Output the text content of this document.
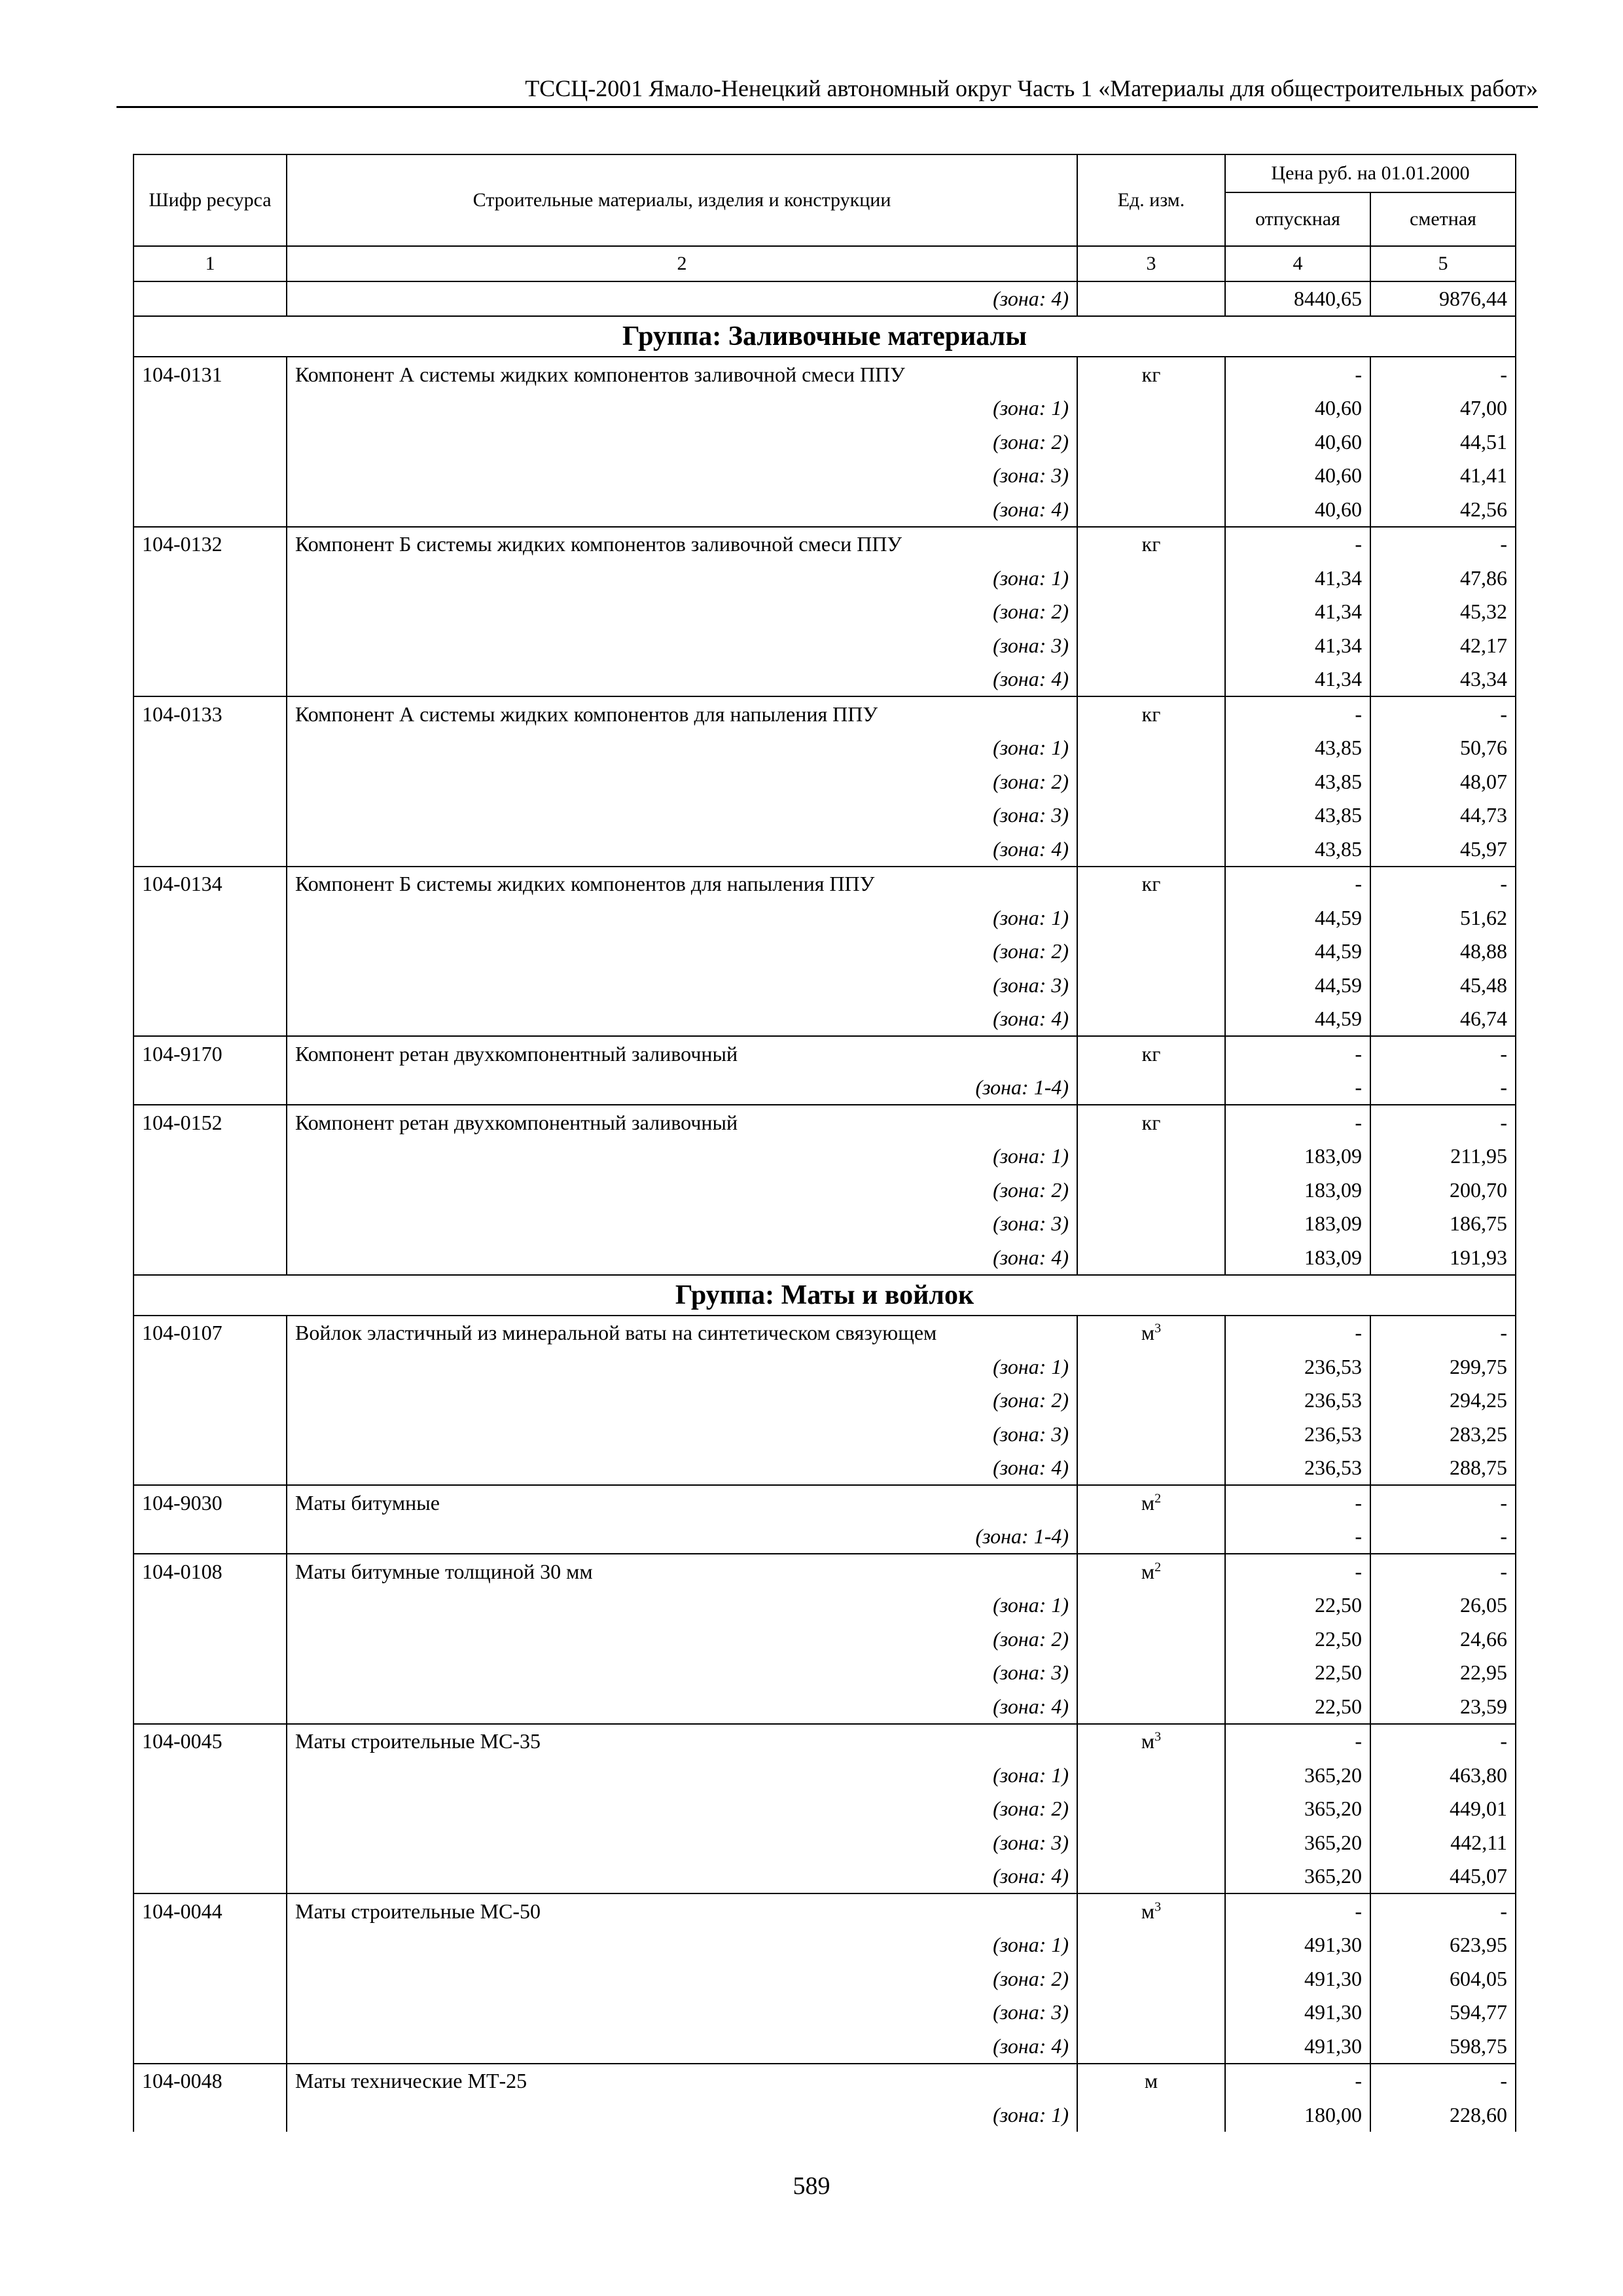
ТССЦ-2001 Ямало-Ненецкий автономный округ Часть 1 «Материалы для общестроительных работ»
Шифр ресурса	Строительные материалы, изделия и конструкции	Ед. изм.	Цена руб. на 01.01.2000	
			отпускная	сметная
1	2	3	4	5
	(зона: 4)		8440,65	9876,44
Группа: Заливочные материалы				
104-0131	Компонент А системы жидких компонентов заливочной смеси ППУ	кг	-	-
	(зона: 1)		40,60	47,00
	(зона: 2)		40,60	44,51
	(зона: 3)		40,60	41,41
	(зона: 4)		40,60	42,56
104-0132	Компонент Б системы жидких компонентов заливочной смеси ППУ	кг	-	-
	(зона: 1)		41,34	47,86
	(зона: 2)		41,34	45,32
	(зона: 3)		41,34	42,17
	(зона: 4)		41,34	43,34
104-0133	Компонент А системы жидких компонентов для напыления ППУ	кг	-	-
	(зона: 1)		43,85	50,76
	(зона: 2)		43,85	48,07
	(зона: 3)		43,85	44,73
	(зона: 4)		43,85	45,97
104-0134	Компонент Б системы жидких компонентов для напыления ППУ	кг	-	-
	(зона: 1)		44,59	51,62
	(зона: 2)		44,59	48,88
	(зона: 3)		44,59	45,48
	(зона: 4)		44,59	46,74
104-9170	Компонент ретан двухкомпонентный заливочный	кг	-	-
	(зона: 1-4)		-	-
104-0152	Компонент ретан двухкомпонентный заливочный	кг	-	-
	(зона: 1)		183,09	211,95
	(зона: 2)		183,09	200,70
	(зона: 3)		183,09	186,75
	(зона: 4)		183,09	191,93
Группа: Маты и войлок				
104-0107	Войлок эластичный из минеральной ваты на синтетическом связующем	$м^3$	-	-
	(зона: 1)		236,53	299,75
	(зона: 2)		236,53	294,25
	(зона: 3)		236,53	283,25
	(зона: 4)		236,53	288,75
104-9030	Маты битумные	$м^2$	-	-
	(зона: 1-4)		-	-
104-0108	Маты битумные толщиной 30 мм	$м^2$	-	-
	(зона: 1)		22,50	26,05
	(зона: 2)		22,50	24,66
	(зона: 3)		22,50	22,95
	(зона: 4)		22,50	23,59
104-0045	Маты строительные МС-35	$м^3$	-	-
	(зона: 1)		365,20	463,80
	(зона: 2)		365,20	449,01
	(зона: 3)		365,20	442,11
	(зона: 4)		365,20	445,07
104-0044	Маты строительные МС-50	$м^3$	-	-
	(зона: 1)		491,30	623,95
	(зона: 2)		491,30	604,05
	(зона: 3)		491,30	594,77
	(зона: 4)		491,30	598,75
104-0048	Маты технические МТ-25	м	-	-
	(зона: 1)		180,00	228,60
589
